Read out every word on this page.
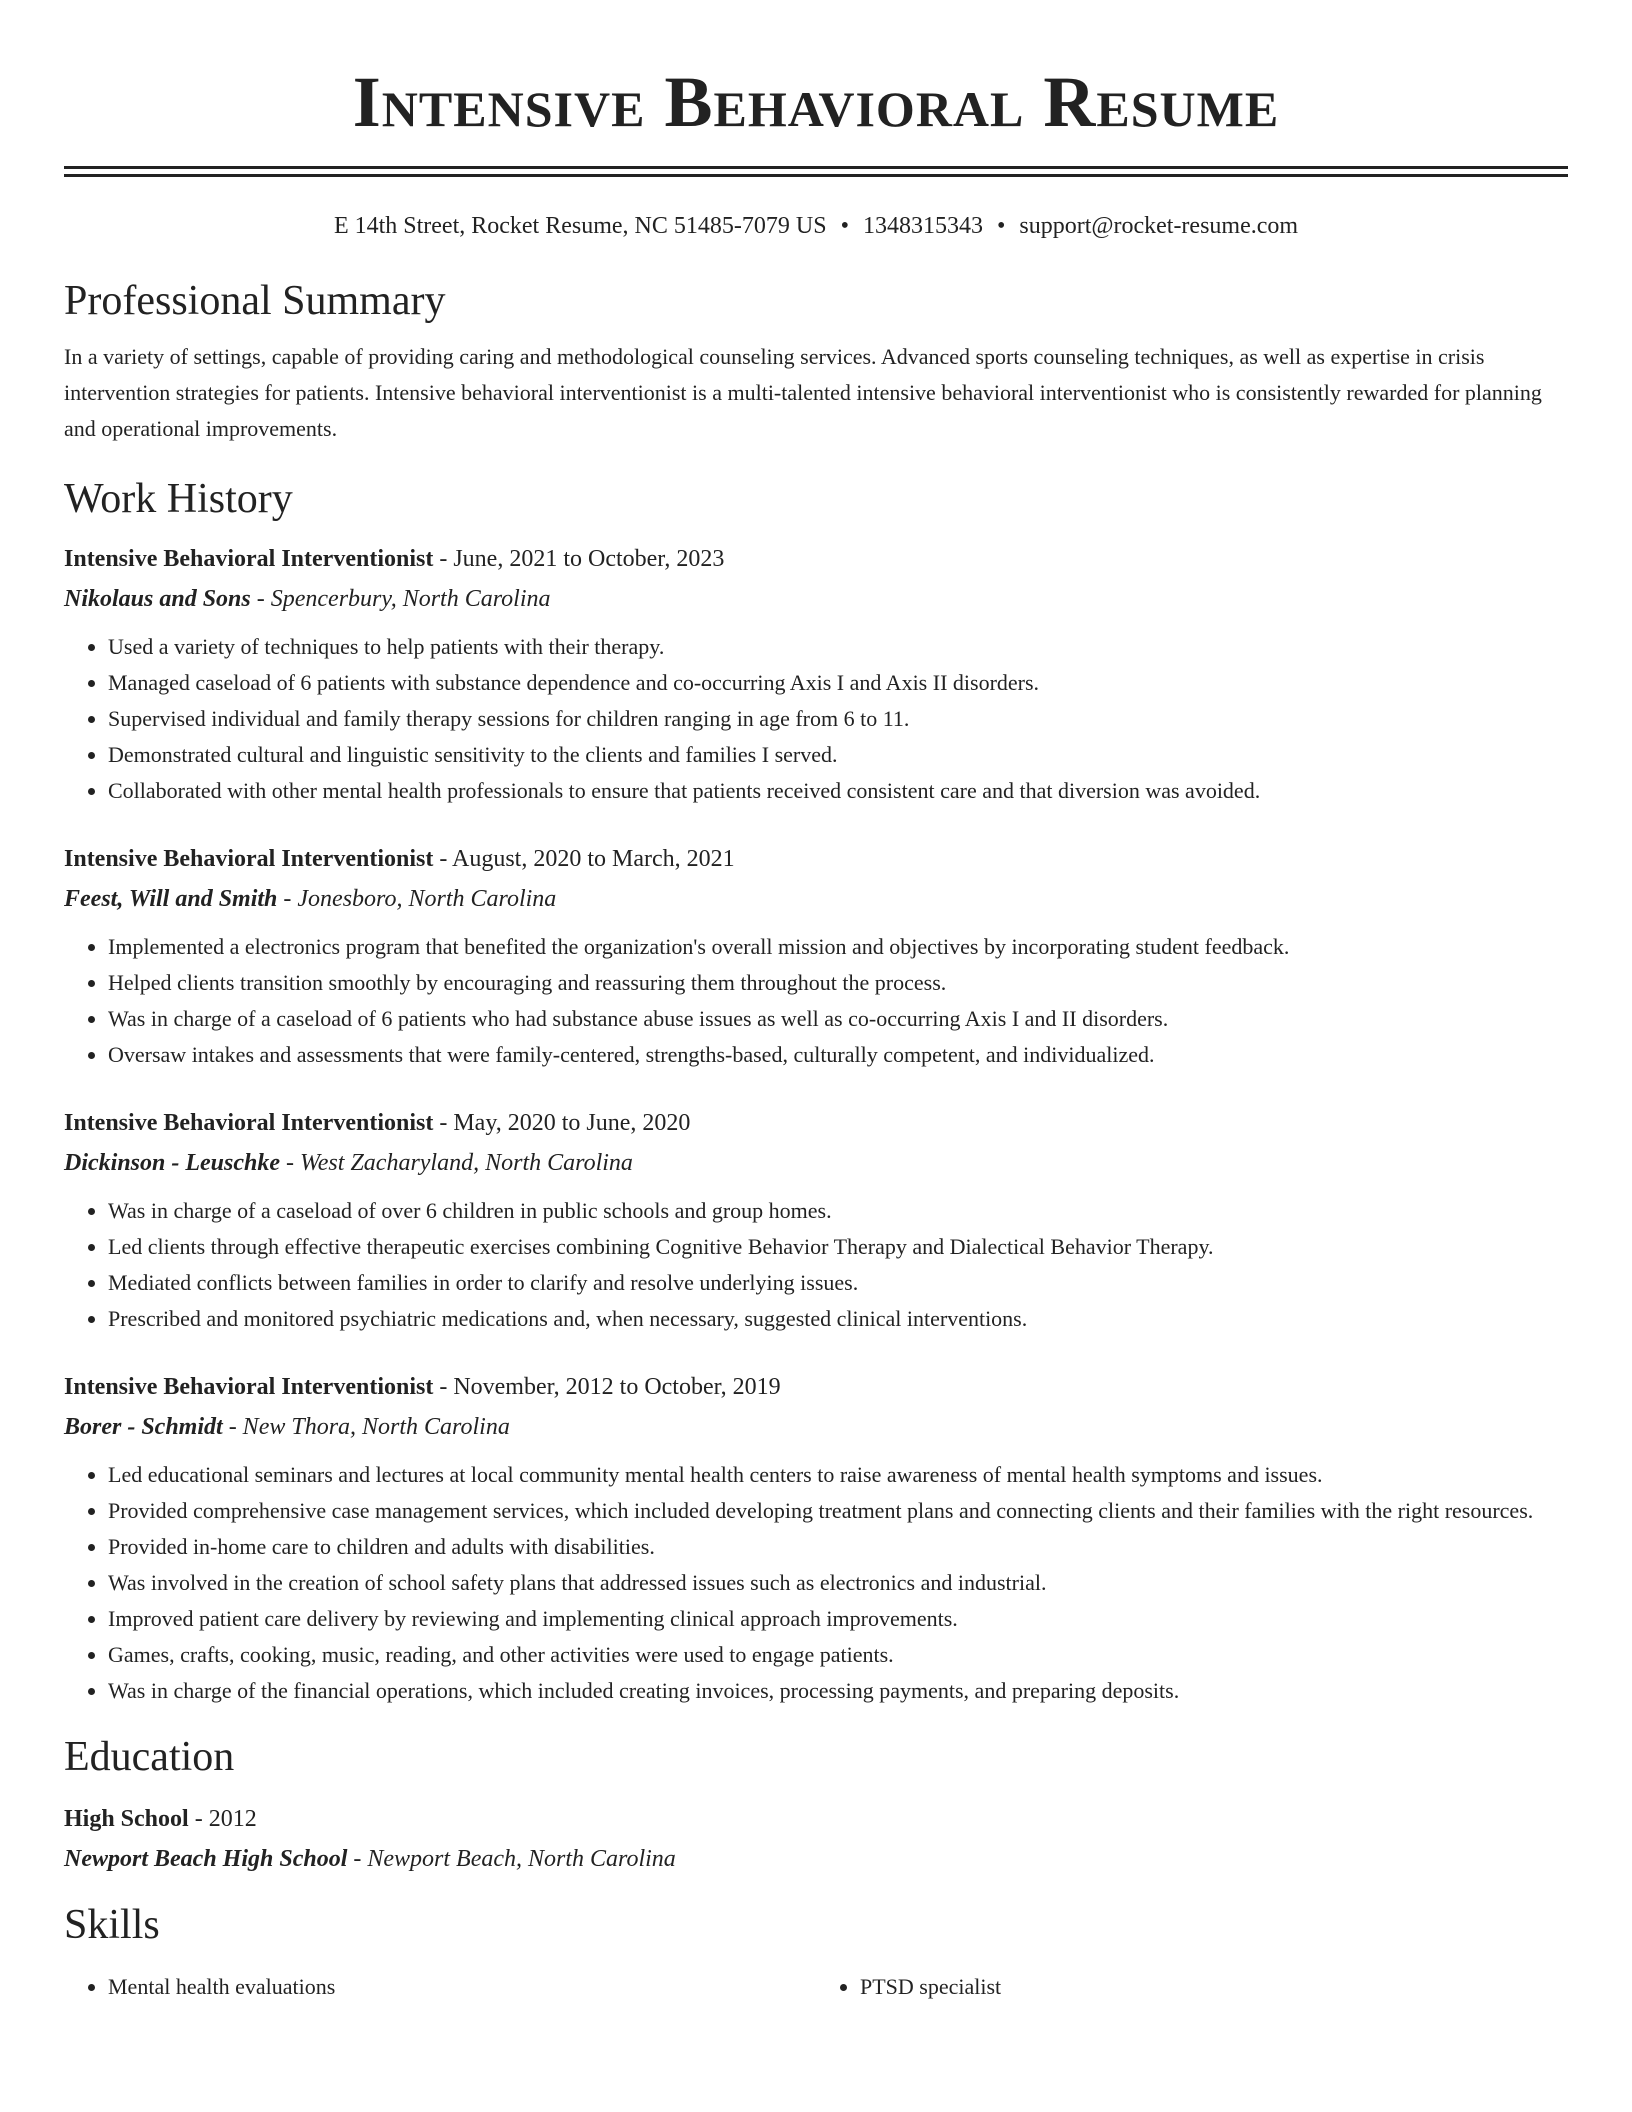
Intensive Behavioral Resume
E 14th Street, Rocket Resume, NC 51485-7079 US • 1348315343 • support@rocket-resume.com
Professional Summary

In a variety of settings, capable of providing caring and methodological counseling services. Advanced sports counseling techniques, as well as expertise in crisis intervention strategies for patients. Intensive behavioral interventionist is a multi-talented intensive behavioral interventionist who is consistently rewarded for planning and operational improvements.

Work History
Intensive Behavioral Interventionist - June, 2021 to October, 2023
Nikolaus and Sons - Spencerbury, North Carolina
• Used a variety of techniques to help patients with their therapy.
• Managed caseload of 6 patients with substance dependence and co-occurring Axis I and Axis II disorders.
• Supervised individual and family therapy sessions for children ranging in age from 6 to 11.
• Demonstrated cultural and linguistic sensitivity to the clients and families I served.
• Collaborated with other mental health professionals to ensure that patients received consistent care and that diversion was avoided.
Intensive Behavioral Interventionist - August, 2020 to March, 2021
Feest, Will and Smith - Jonesboro, North Carolina
• Implemented a electronics program that benefited the organization's overall mission and objectives by incorporating student feedback.
• Helped clients transition smoothly by encouraging and reassuring them throughout the process.
• Was in charge of a caseload of 6 patients who had substance abuse issues as well as co-occurring Axis I and II disorders.
• Oversaw intakes and assessments that were family-centered, strengths-based, culturally competent, and individualized.
Intensive Behavioral Interventionist - May, 2020 to June, 2020
Dickinson - Leuschke - West Zacharyland, North Carolina
• Was in charge of a caseload of over 6 children in public schools and group homes.
• Led clients through effective therapeutic exercises combining Cognitive Behavior Therapy and Dialectical Behavior Therapy.
• Mediated conflicts between families in order to clarify and resolve underlying issues.
• Prescribed and monitored psychiatric medications and, when necessary, suggested clinical interventions.
Intensive Behavioral Interventionist - November, 2012 to October, 2019
Borer - Schmidt - New Thora, North Carolina
• Led educational seminars and lectures at local community mental health centers to raise awareness of mental health symptoms and issues.
• Provided comprehensive case management services, which included developing treatment plans and connecting clients and their families with the right resources.
• Provided in-home care to children and adults with disabilities.
• Was involved in the creation of school safety plans that addressed issues such as electronics and industrial.
• Improved patient care delivery by reviewing and implementing clinical approach improvements.
• Games, crafts, cooking, music, reading, and other activities were used to engage patients.
• Was in charge of the financial operations, which included creating invoices, processing payments, and preparing deposits.
Education
High School - 2012
Newport Beach High School - Newport Beach, North Carolina
Skills
• Mental health evaluations
•	PTSD specialist
